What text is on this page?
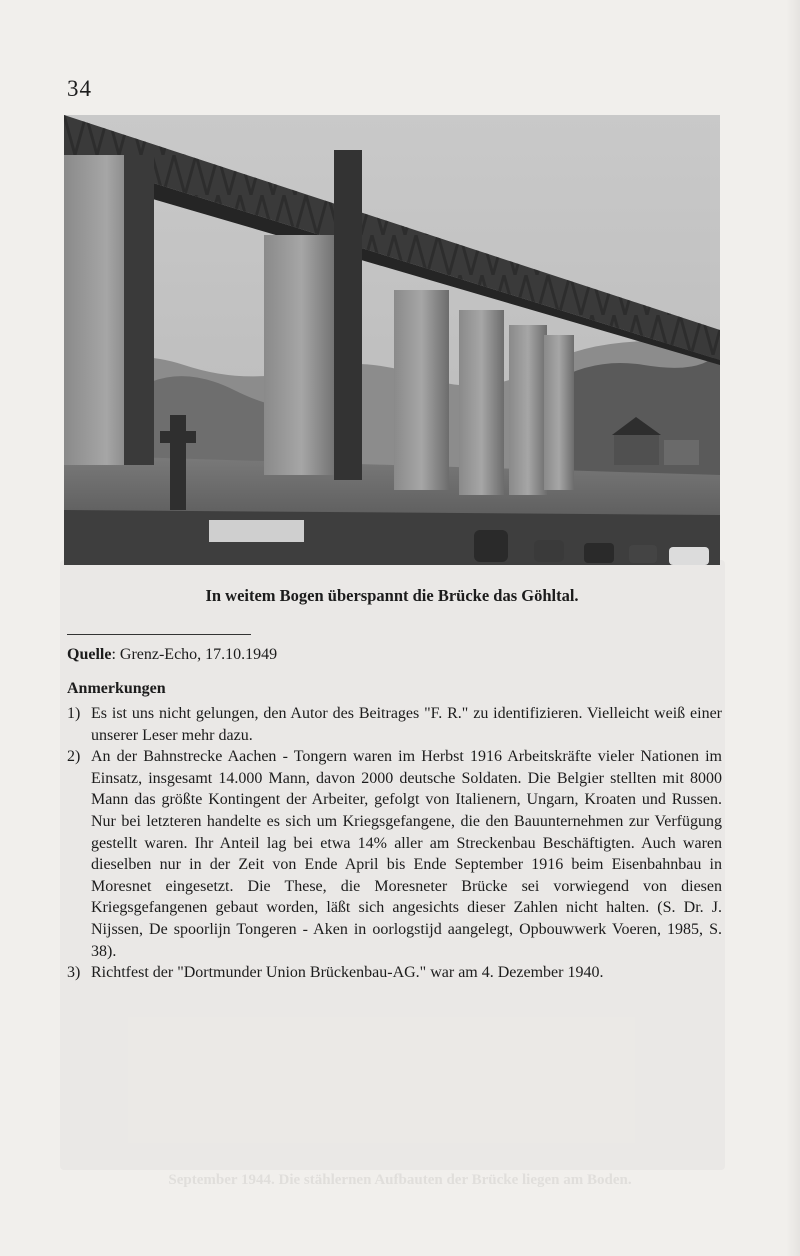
34
In weitem Bogen überspannt die Brücke das Göhltal.
Quelle: Grenz-Echo, 17.10.1949
Anmerkungen
1) Es ist uns nicht gelungen, den Autor des Beitrages "F. R." zu identifizieren. Vielleicht weiß einer unserer Leser mehr dazu.
2) An der Bahnstrecke Aachen - Tongern waren im Herbst 1916 Arbeitskräfte vieler Nationen im Einsatz, insgesamt 14.000 Mann, davon 2000 deutsche Soldaten. Die Belgier stellten mit 8000 Mann das größte Kontingent der Arbeiter, gefolgt von Italienern, Ungarn, Kroaten und Russen. Nur bei letzteren handelte es sich um Kriegsgefangene, die den Bauunternehmen zur Verfügung gestellt waren. Ihr Anteil lag bei etwa 14% aller am Streckenbau Beschäftigten. Auch waren dieselben nur in der Zeit von Ende April bis Ende September 1916 beim Eisenbahnbau in Moresnet eingesetzt. Die These, die Moresneter Brücke sei vorwiegend von diesen Kriegsgefangenen gebaut worden, läßt sich angesichts dieser Zahlen nicht halten. (S. Dr. J. Nijssen, De spoorlijn Tongeren - Aken in oorlogstijd aangelegt, Opbouwwerk Voeren, 1985, S. 38).
3) Richtfest der "Dortmunder Union Brückenbau-AG." war am 4. Dezember 1940.
September 1944. Die stählernen Aufbauten der Brücke liegen am Boden.
